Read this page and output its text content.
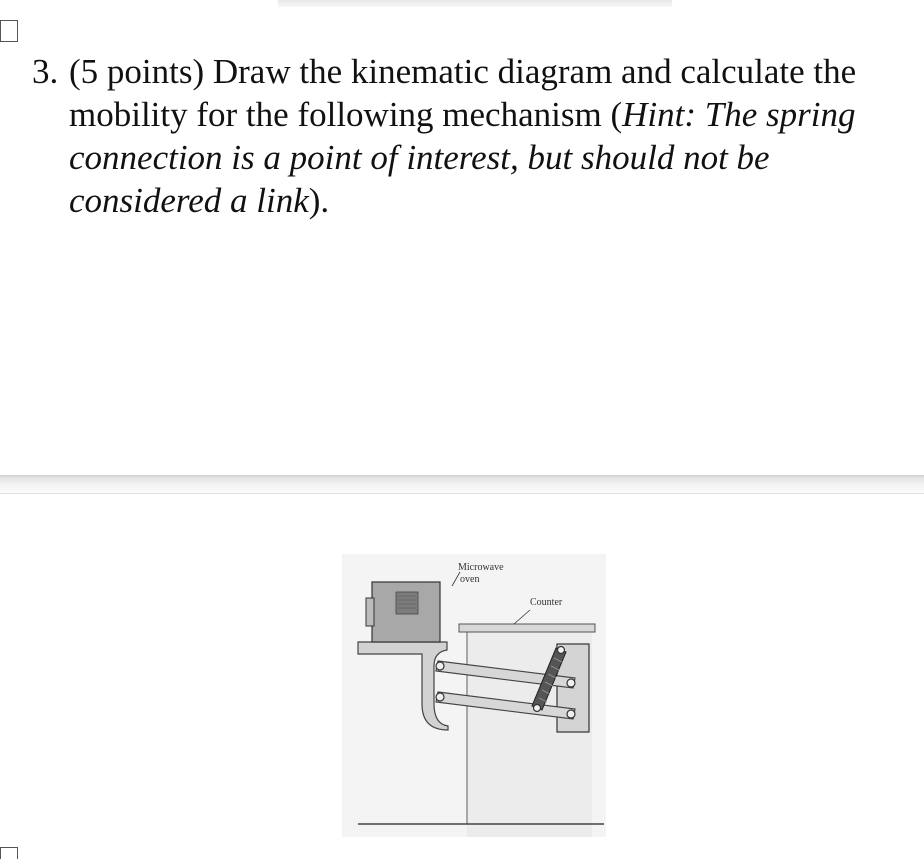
3. (5 points) Draw the kinematic diagram and calculate the mobility for the following mechanism (Hint: The spring connection is a point of interest, but should not be considered a link).
Microwave
oven
Counter
